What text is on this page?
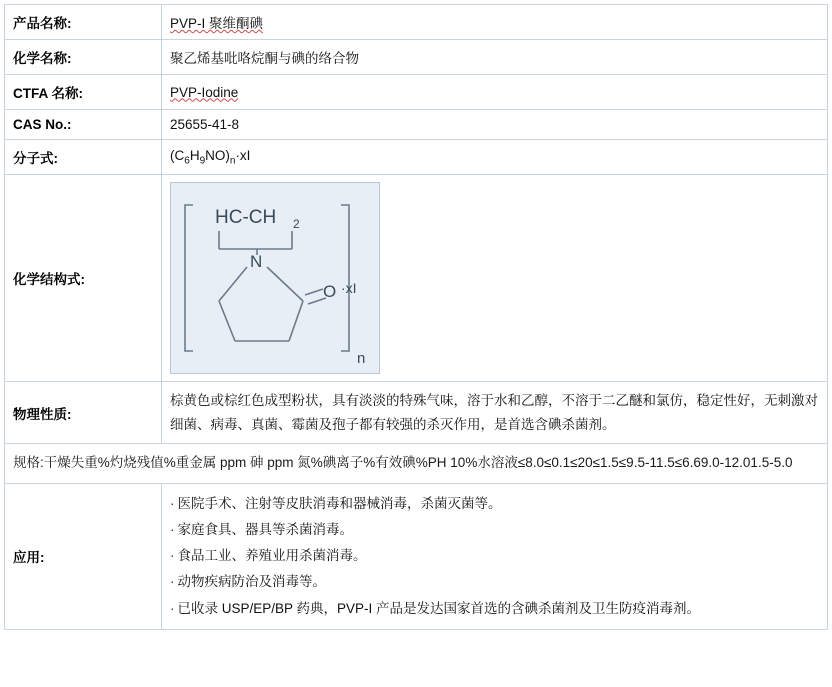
产品名称:	PVP-I 聚维酮碘
化学名称:	聚乙烯基吡咯烷酮与碘的络合物
CTFA 名称:	PVP-Iodine
CAS No.:	25655-41-8
分子式:	$(C_6H_9NO)_n\cdot xI$
化学结构式:	
HC-CH 2
N
O ·xI
n

物理性质:	棕黄色或棕红色成型粉状，具有淡淡的特殊气味，溶于水和乙醇，不溶于二乙醚和氯仿，稳定性好，无刺激对细菌、病毒、真菌、霉菌及孢子都有较强的杀灭作用，是首选含碘杀菌剂。
规格:干燥失重%灼烧残值%重金属 ppm 砷 ppm 氮%碘离子%有效碘%PH 10%水溶液≤8.0≤0.1≤20≤1.5≤9.5-11.5≤6.69.0-12.01.5-5.0	
应用:	· 医院手术、注射等皮肤消毒和器械消毒，杀菌灭菌等。
· 家庭食具、器具等杀菌消毒。
· 食品工业、养殖业用杀菌消毒。
· 动物疾病防治及消毒等。
· 已收录 USP/EP/BP 药典，PVP-I 产品是发达国家首选的含碘杀菌剂及卫生防疫消毒剂。
